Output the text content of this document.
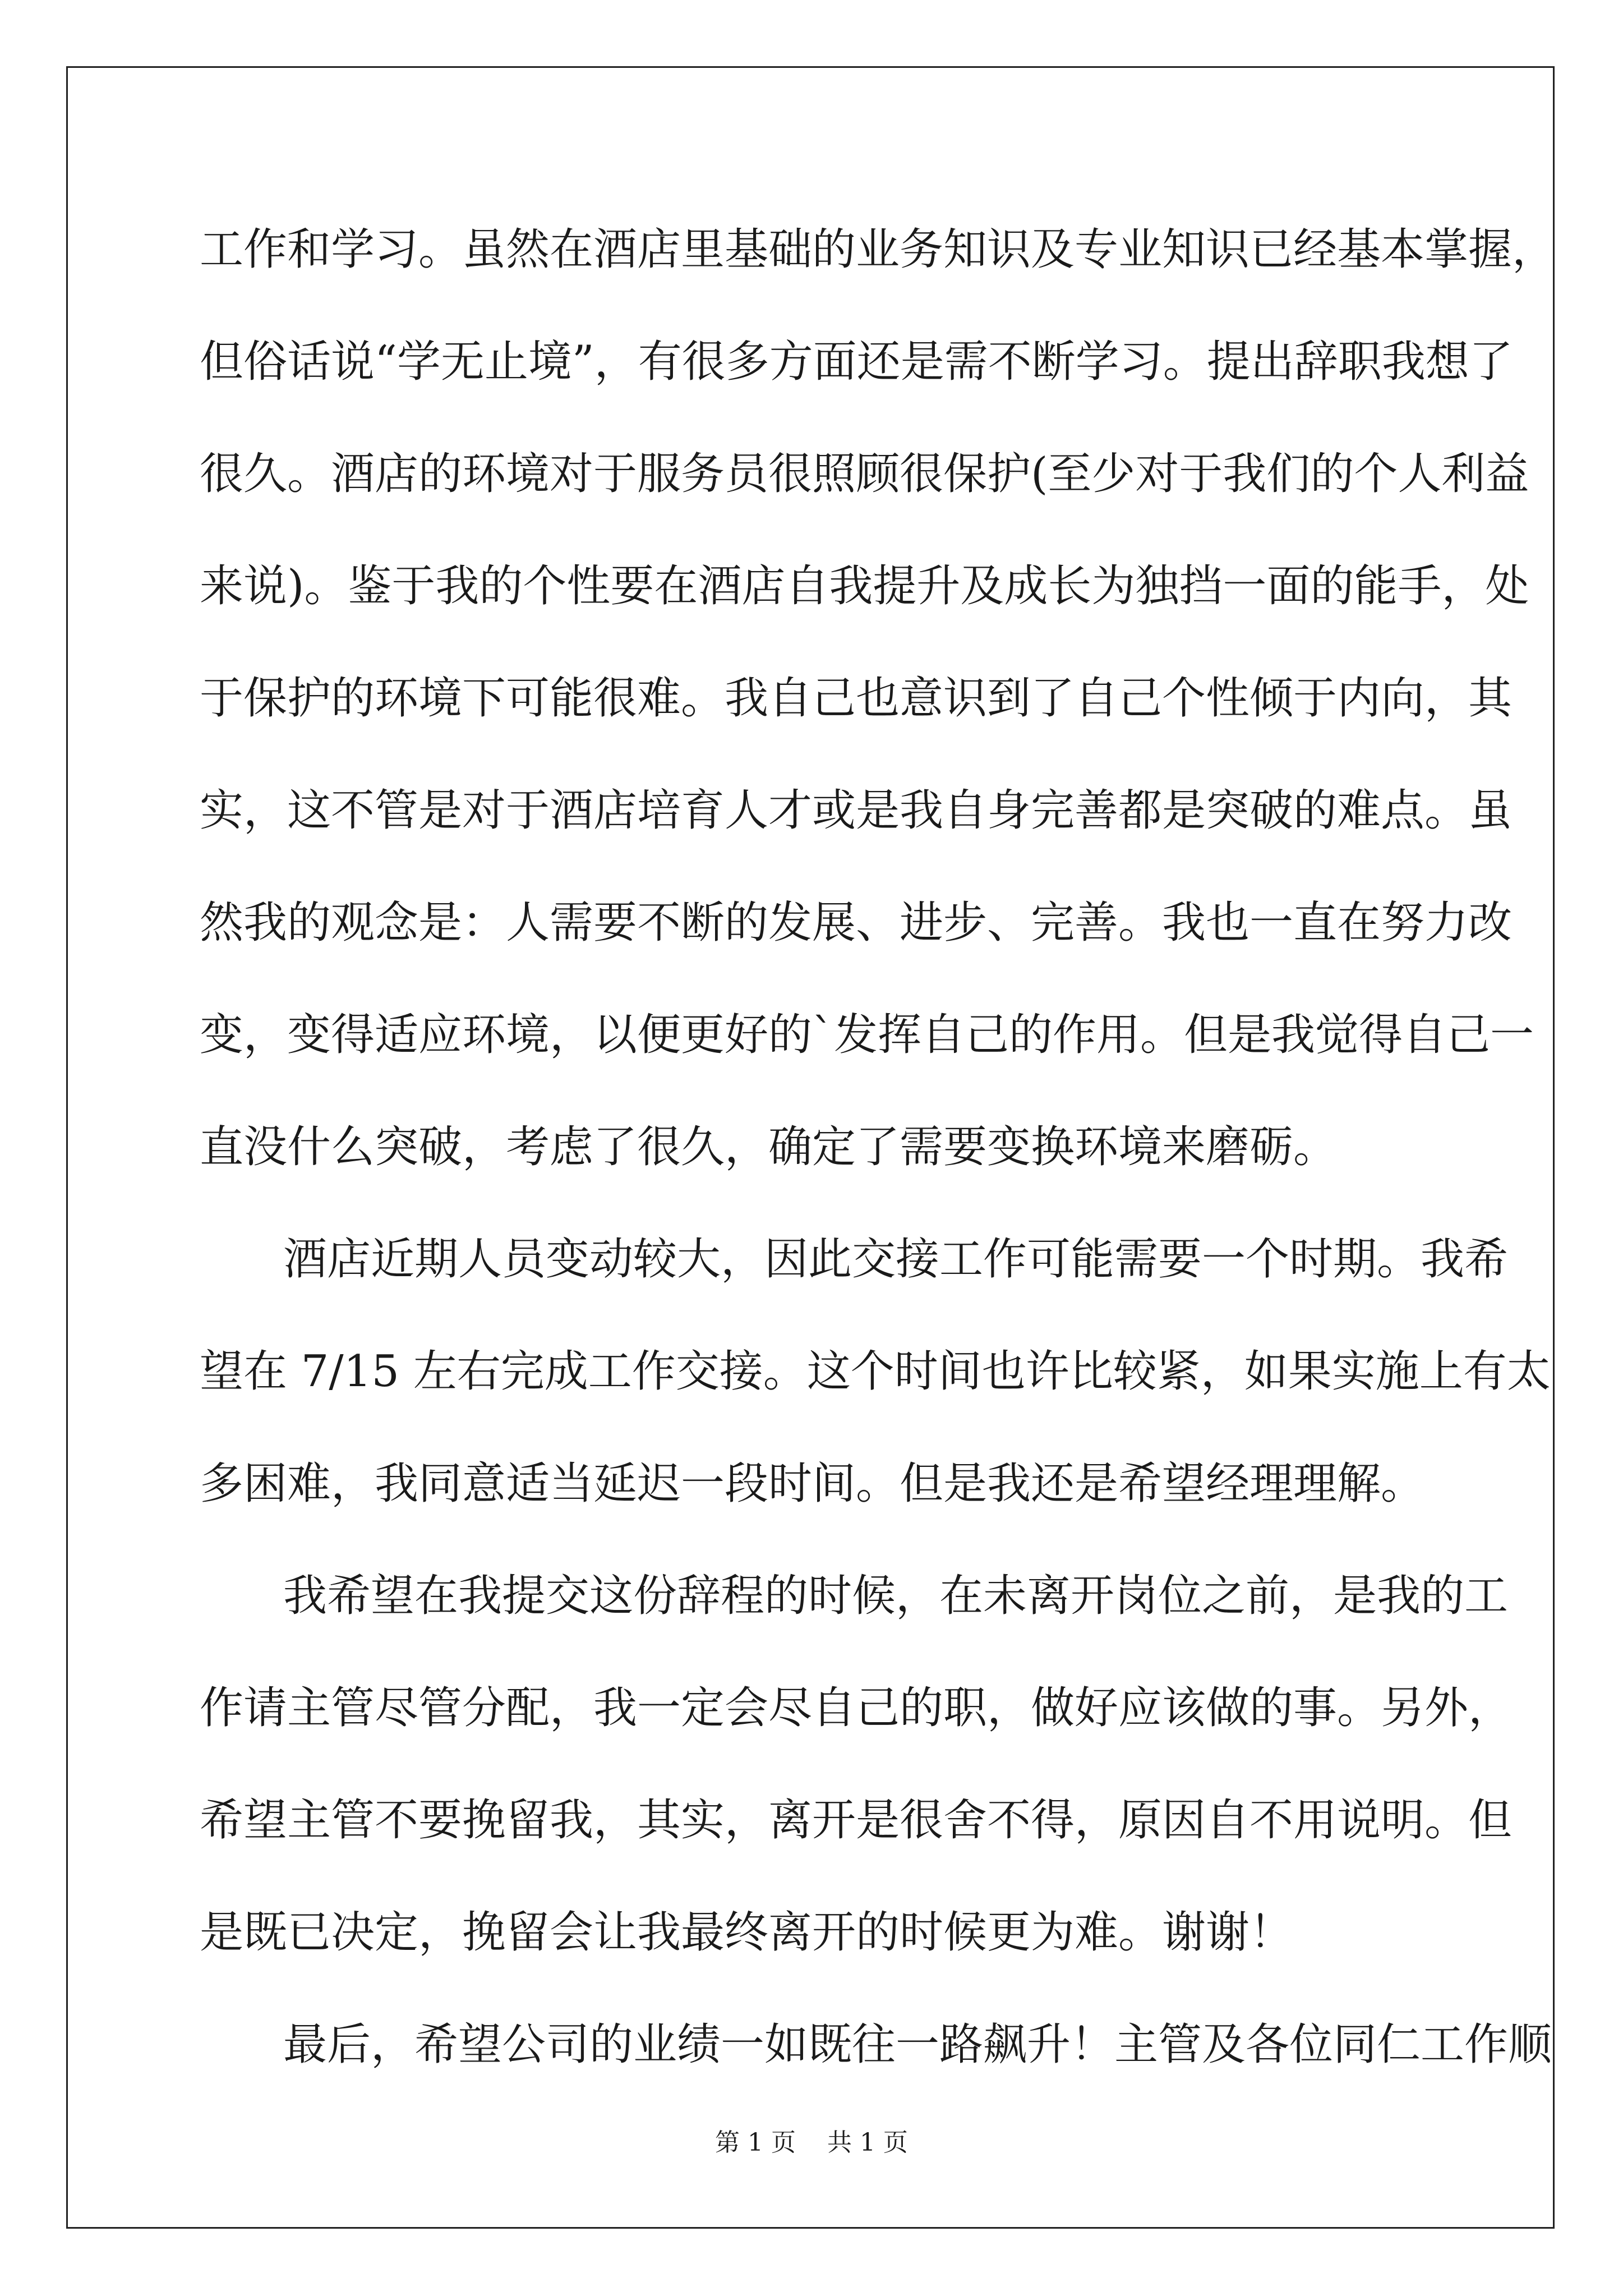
工作和学习。虽然在酒店里基础的业务知识及专业知识已经基本掌握，
但俗话说“学无止境”，有很多方面还是需不断学习。提出辞职我想了
很久。酒店的环境对于服务员很照顾很保护(至少对于我们的个人利益
来说)。鉴于我的个性要在酒店自我提升及成长为独挡一面的能手，处
于保护的环境下可能很难。我自己也意识到了自己个性倾于内向，其
实，这不管是对于酒店培育人才或是我自身完善都是突破的难点。虽
然我的观念是：人需要不断的发展、进步、完善。我也一直在努力改
变，变得适应环境，以便更好的`发挥自己的作用。但是我觉得自己一
直没什么突破，考虑了很久，确定了需要变换环境来磨砺。
酒店近期人员变动较大，因此交接工作可能需要一个时期。我希
望在 7/15 左右完成工作交接。这个时间也许比较紧，如果实施上有太
多困难，我同意适当延迟一段时间。但是我还是希望经理理解。
我希望在我提交这份辞程的时候，在未离开岗位之前，是我的工
作请主管尽管分配，我一定会尽自己的职，做好应该做的事。另外，
希望主管不要挽留我，其实，离开是很舍不得，原因自不用说明。但
是既已决定，挽留会让我最终离开的时候更为难。谢谢！
最后，希望公司的业绩一如既往一路飙升！主管及各位同仁工作顺
第 1 页    共 1 页
